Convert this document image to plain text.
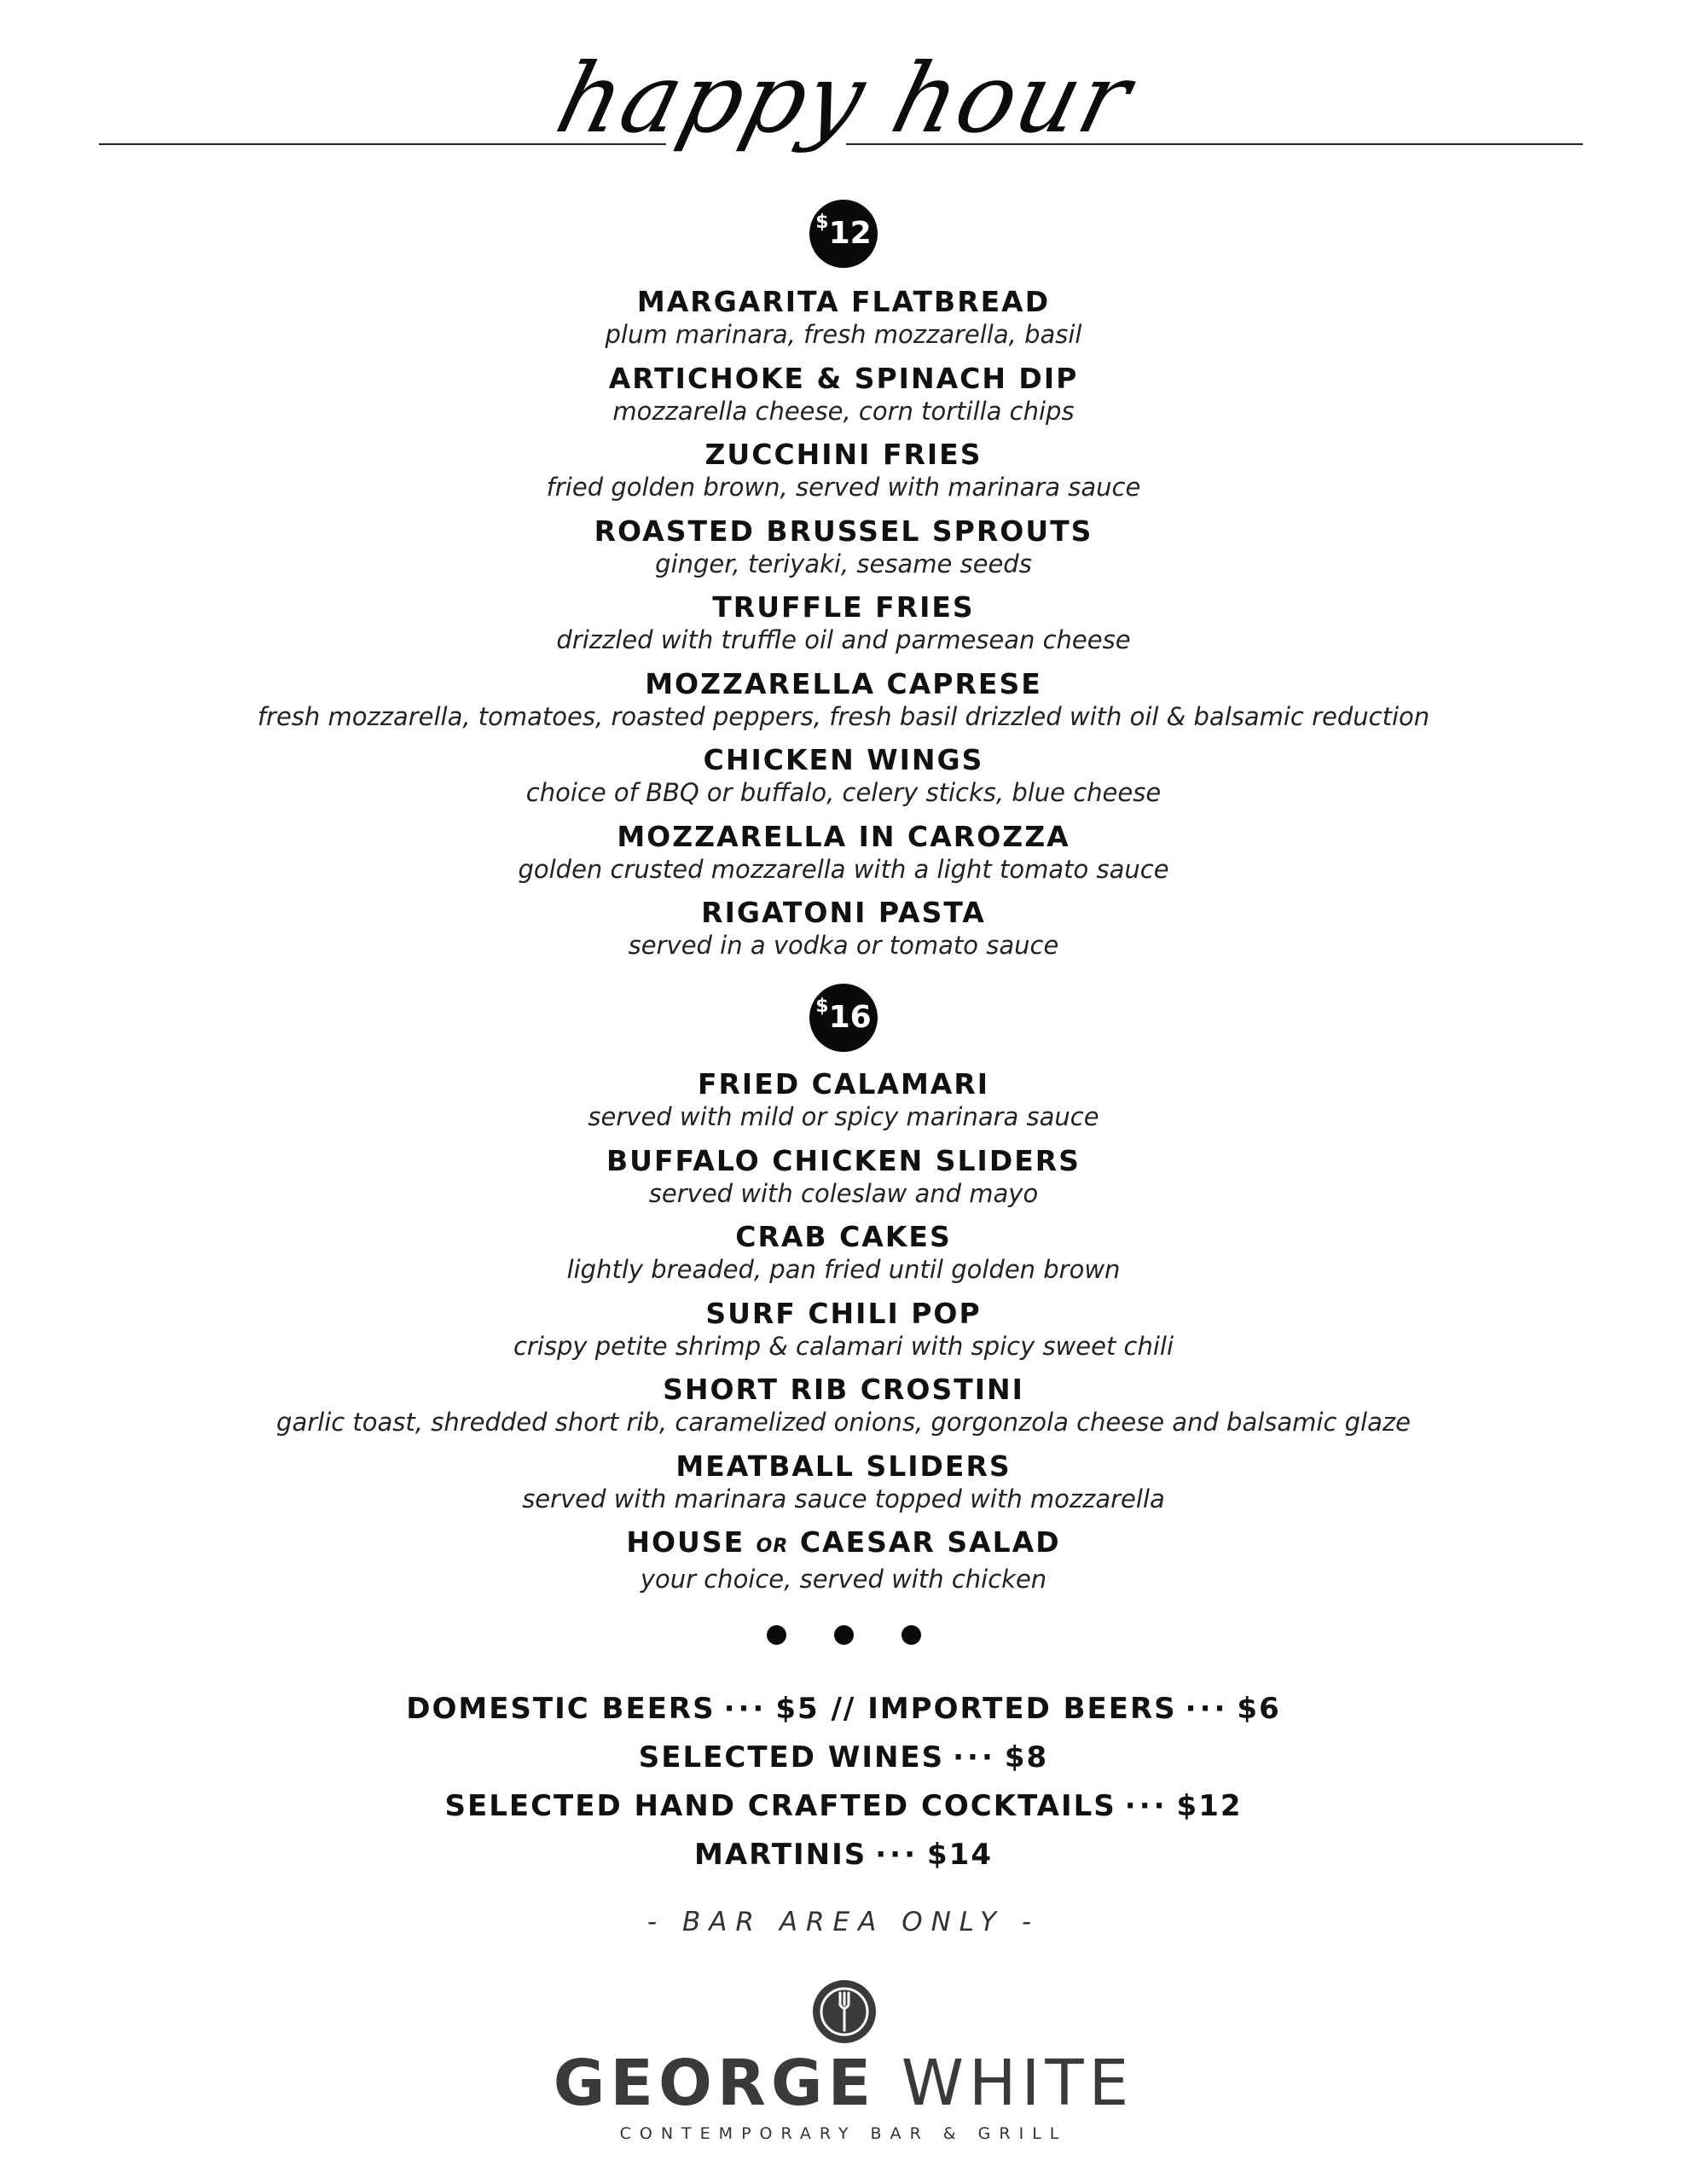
happy hour
$12
MARGARITA FLATBREAD
plum marinara, fresh mozzarella, basil
ARTICHOKE & SPINACH DIP
mozzarella cheese, corn tortilla chips
ZUCCHINI FRIES
fried golden brown, served with marinara sauce
ROASTED BRUSSEL SPROUTS
ginger, teriyaki, sesame seeds
TRUFFLE FRIES
drizzled with truffle oil and parmesean cheese
MOZZARELLA CAPRESE
fresh mozzarella, tomatoes, roasted peppers, fresh basil drizzled with oil & balsamic reduction
CHICKEN WINGS
choice of BBQ or buffalo, celery sticks, blue cheese
MOZZARELLA IN CAROZZA
golden crusted mozzarella with a light tomato sauce
RIGATONI PASTA
served in a vodka or tomato sauce
$16
FRIED CALAMARI
served with mild or spicy marinara sauce
BUFFALO CHICKEN SLIDERS
served with coleslaw and mayo
CRAB CAKES
lightly breaded, pan fried until golden brown
SURF CHILI POP
crispy petite shrimp & calamari with spicy sweet chili
SHORT RIB CROSTINI
garlic toast, shredded short rib, caramelized onions, gorgonzola cheese and balsamic glaze
MEATBALL SLIDERS
served with marinara sauce topped with mozzarella
HOUSE OR CAESAR SALAD
your choice, served with chicken
DOMESTIC BEERS ··· $5 // IMPORTED BEERS ··· $6
SELECTED WINES ··· $8
SELECTED HAND CRAFTED COCKTAILS ··· $12
MARTINIS ··· $14
- BAR AREA ONLY -
GEORGE WHITE
CONTEMPORARY BAR & GRILL
